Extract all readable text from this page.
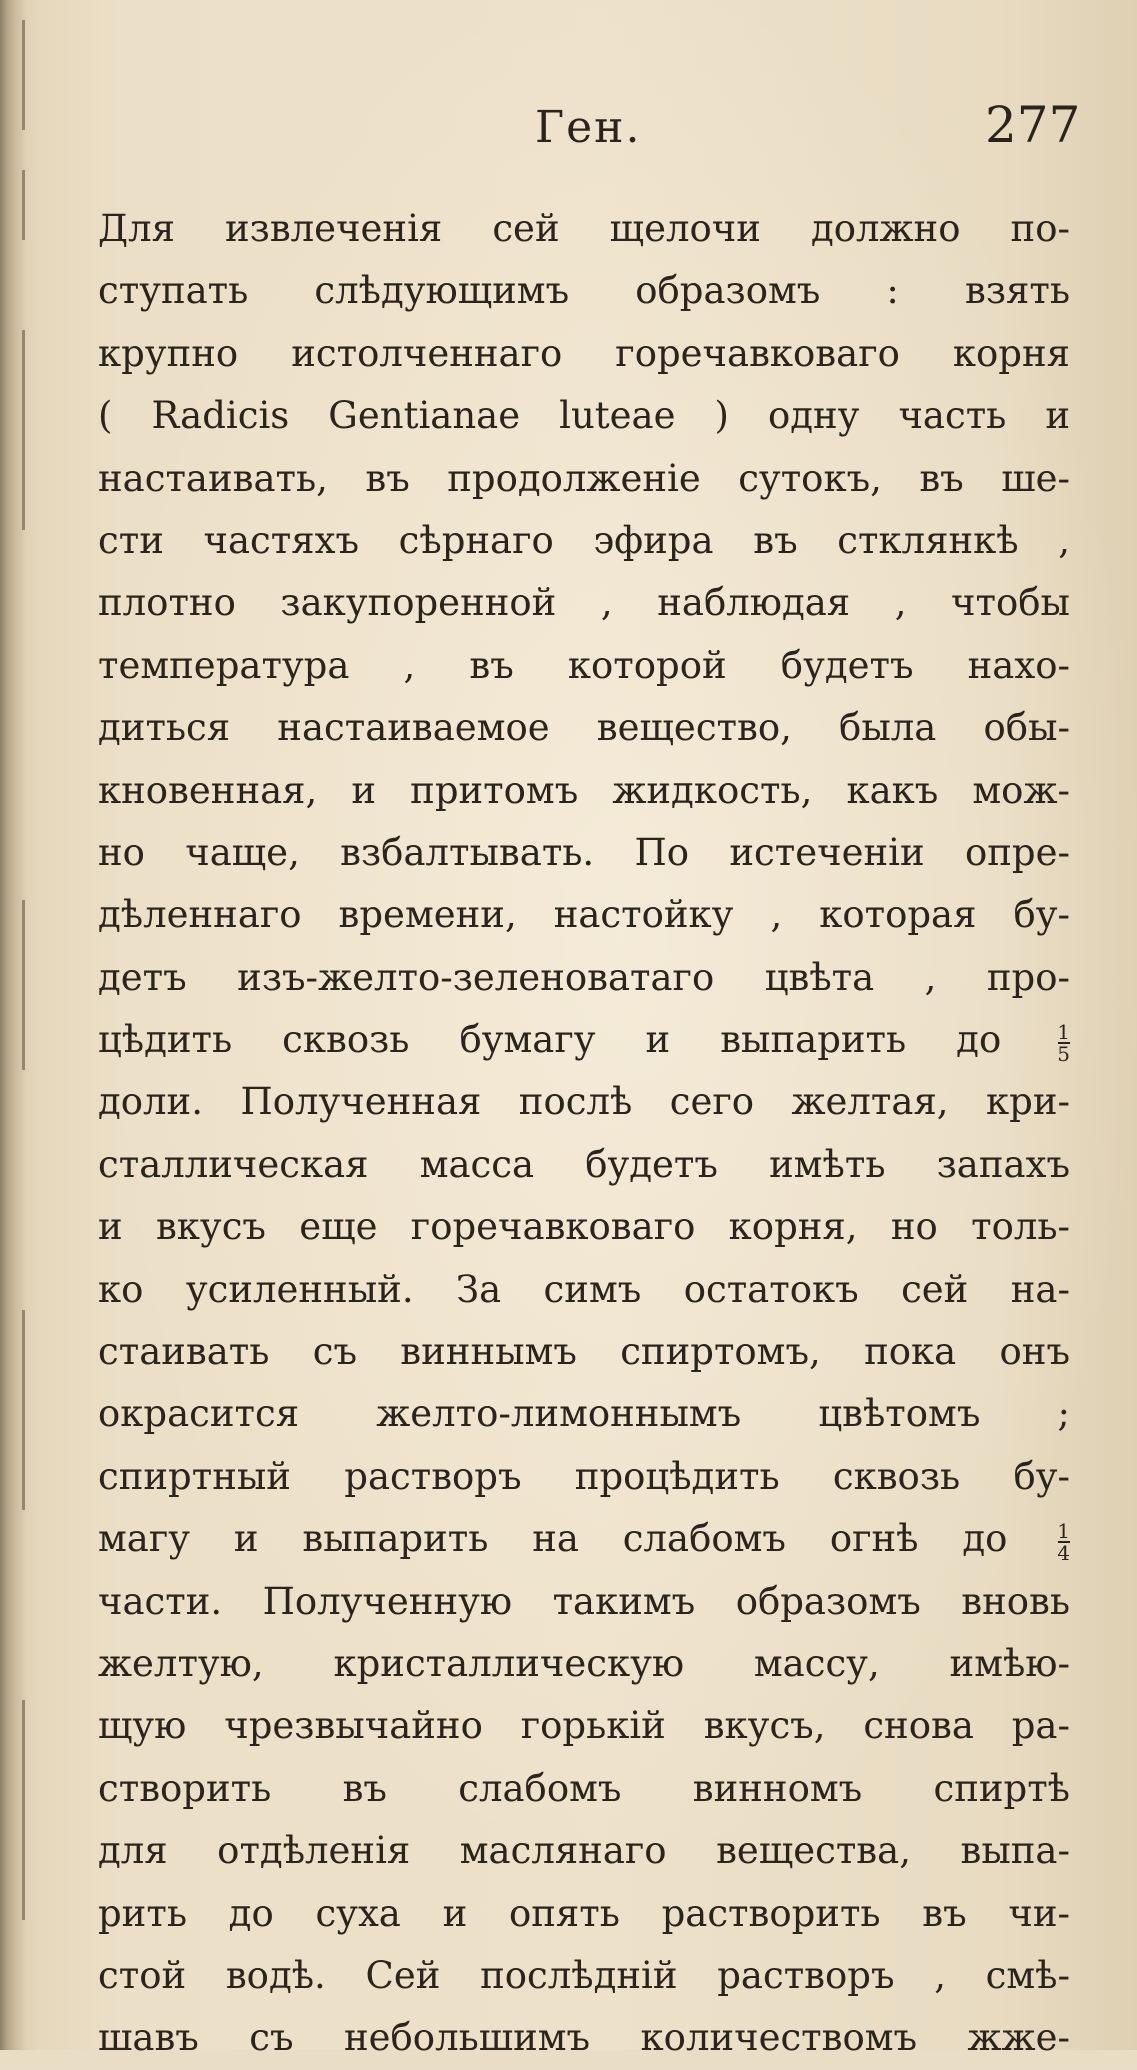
Ген.	277
Для извлеченія сей щелочи должно по-
ступать слѣдующимъ образомъ : взять
крупно истолченнаго горечавковаго корня
( Radicis Gentianae luteae ) одну часть и
настаивать, въ продолженіе сутокъ, въ ше-
сти частяхъ сѣрнаго эфира въ стклянкѣ ,
плотно закупоренной , наблюдая , чтобы
температура , въ которой будетъ нахо-
диться настаиваемое вещество, была обы-
кновенная, и притомъ жидкость, какъ мож-
но чаще, взбалтывать. По истеченіи опре-
дѣленнаго времени, настойку , которая бу-
детъ изъ-желто-зеленоватаго цвѣта , про-
цѣдить сквозь бумагу и выпарить до	$\frac{1}{5}$
доли. Полученная послѣ сего желтая, кри-
сталлическая масса будетъ имѣть запахъ
и вкусъ еще горечавковаго корня, но толь-
ко усиленный. За симъ остатокъ сей на-
стаивать съ виннымъ спиртомъ, пока онъ
окрасится желто-лимоннымъ цвѣтомъ ;
спиртный растворъ процѣдить сквозь бу-
магу и выпарить на слабомъ огнѣ до $\frac{1}{4}$
части. Полученную такимъ образомъ вновь
желтую, кристаллическую массу, имѣю-
щую чрезвычайно горькій вкусъ, снова ра-
створить въ слабомъ винномъ спиртѣ
для отдѣленія маслянаго вещества, выпа-
рить до суха и опять растворить въ чи-
стой водѣ. Сей послѣдній растворъ , смѣ-
шавъ съ небольшимъ количествомъ жже-
